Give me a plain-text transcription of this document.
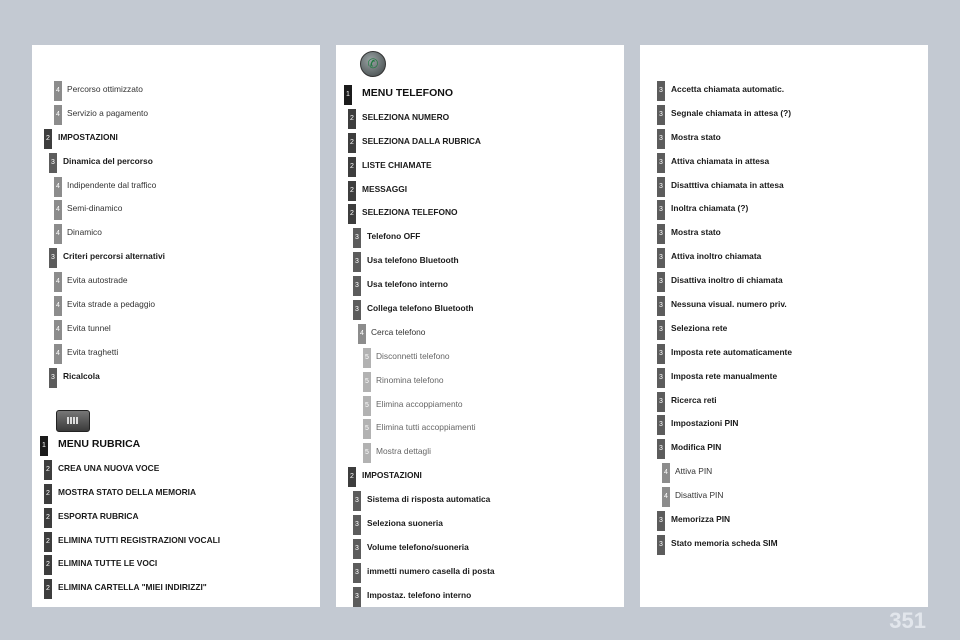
4 Percorso ottimizzato
4 Servizio a pagamento
2 IMPOSTAZIONI
3 Dinamica del percorso
4 Indipendente dal traffico
4 Semi-dinamico
4 Dinamico
3 Criteri percorsi alternativi
4 Evita autostrade
4 Evita strade a pedaggio
4 Evita tunnel
4 Evita traghetti
3 Ricalcola
1 MENU RUBRICA
2 CREA UNA NUOVA VOCE
2 MOSTRA STATO DELLA MEMORIA
2 ESPORTA RUBRICA
2 ELIMINA TUTTI REGISTRAZIONI VOCALI
2 ELIMINA TUTTE LE VOCI
2 ELIMINA CARTELLA "MIEI INDIRIZZI"
✆
1 MENU TELEFONO
2 SELEZIONA NUMERO
2 SELEZIONA DALLA RUBRICA
2 LISTE CHIAMATE
2 MESSAGGI
2 SELEZIONA TELEFONO
3 Telefono OFF
3 Usa telefono Bluetooth
3 Usa telefono interno
3 Collega telefono Bluetooth
4 Cerca telefono
5 Disconnetti telefono
5 Rinomina telefono
5 Elimina accoppiamento
5 Elimina tutti accoppiamenti
5 Mostra dettagli
2 IMPOSTAZIONI
3 Sistema di risposta automatica
3 Seleziona suoneria
3 Volume telefono/suoneria
3 immetti numero casella di posta
3 Impostaz. telefono interno
3 Accetta chiamata automatic.
3 Segnale chiamata in attesa (?)
3 Mostra stato
3 Attiva chiamata in attesa
3 Disatttiva chiamata in attesa
3 Inoltra chiamata (?)
3 Mostra stato
3 Attiva inoltro chiamata
3 Disattiva inoltro di chiamata
3 Nessuna visual. numero priv.
3 Seleziona rete
3 Imposta rete automaticamente
3 Imposta rete manualmente
3 Ricerca reti
3 Impostazioni PIN
3 Modifica PIN
4 Attiva PIN
4 Disattiva PIN
3 Memorizza PIN
3 Stato memoria scheda SIM
351
